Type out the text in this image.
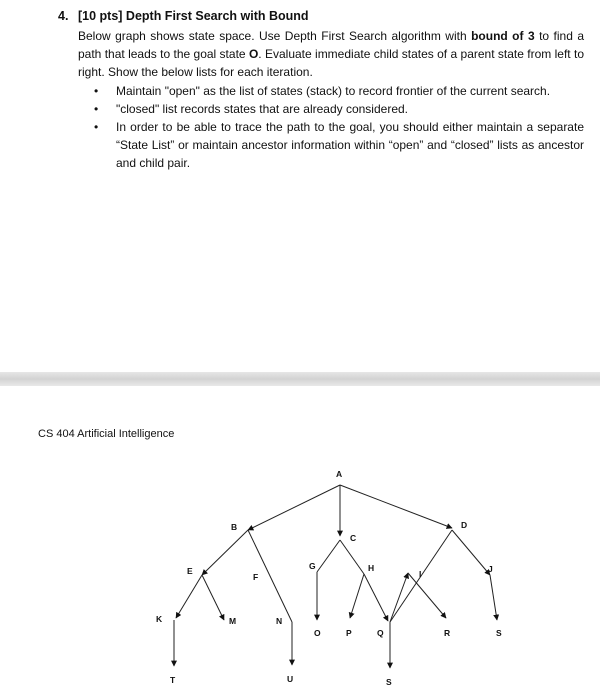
4. [10 pts] Depth First Search with Bound
Below graph shows state space. Use Depth First Search algorithm with bound of 3 to find a path that leads to the goal state O. Evaluate immediate child states of a parent state from left to right. Show the below lists for each iteration.
• Maintain "open" as the list of states (stack) to record frontier of the current search.
• "closed" list records states that are already considered.
• In order to be able to trace the path to the goal, you should either maintain a separate “State List” or maintain ancestor information within “open” and “closed” lists as ancestor and child pair.
CS 404 Artificial Intelligence
A
B
C
D
E
F
G	H
I	J
K	M	N
O	P	Q	R	S
T	U	S
